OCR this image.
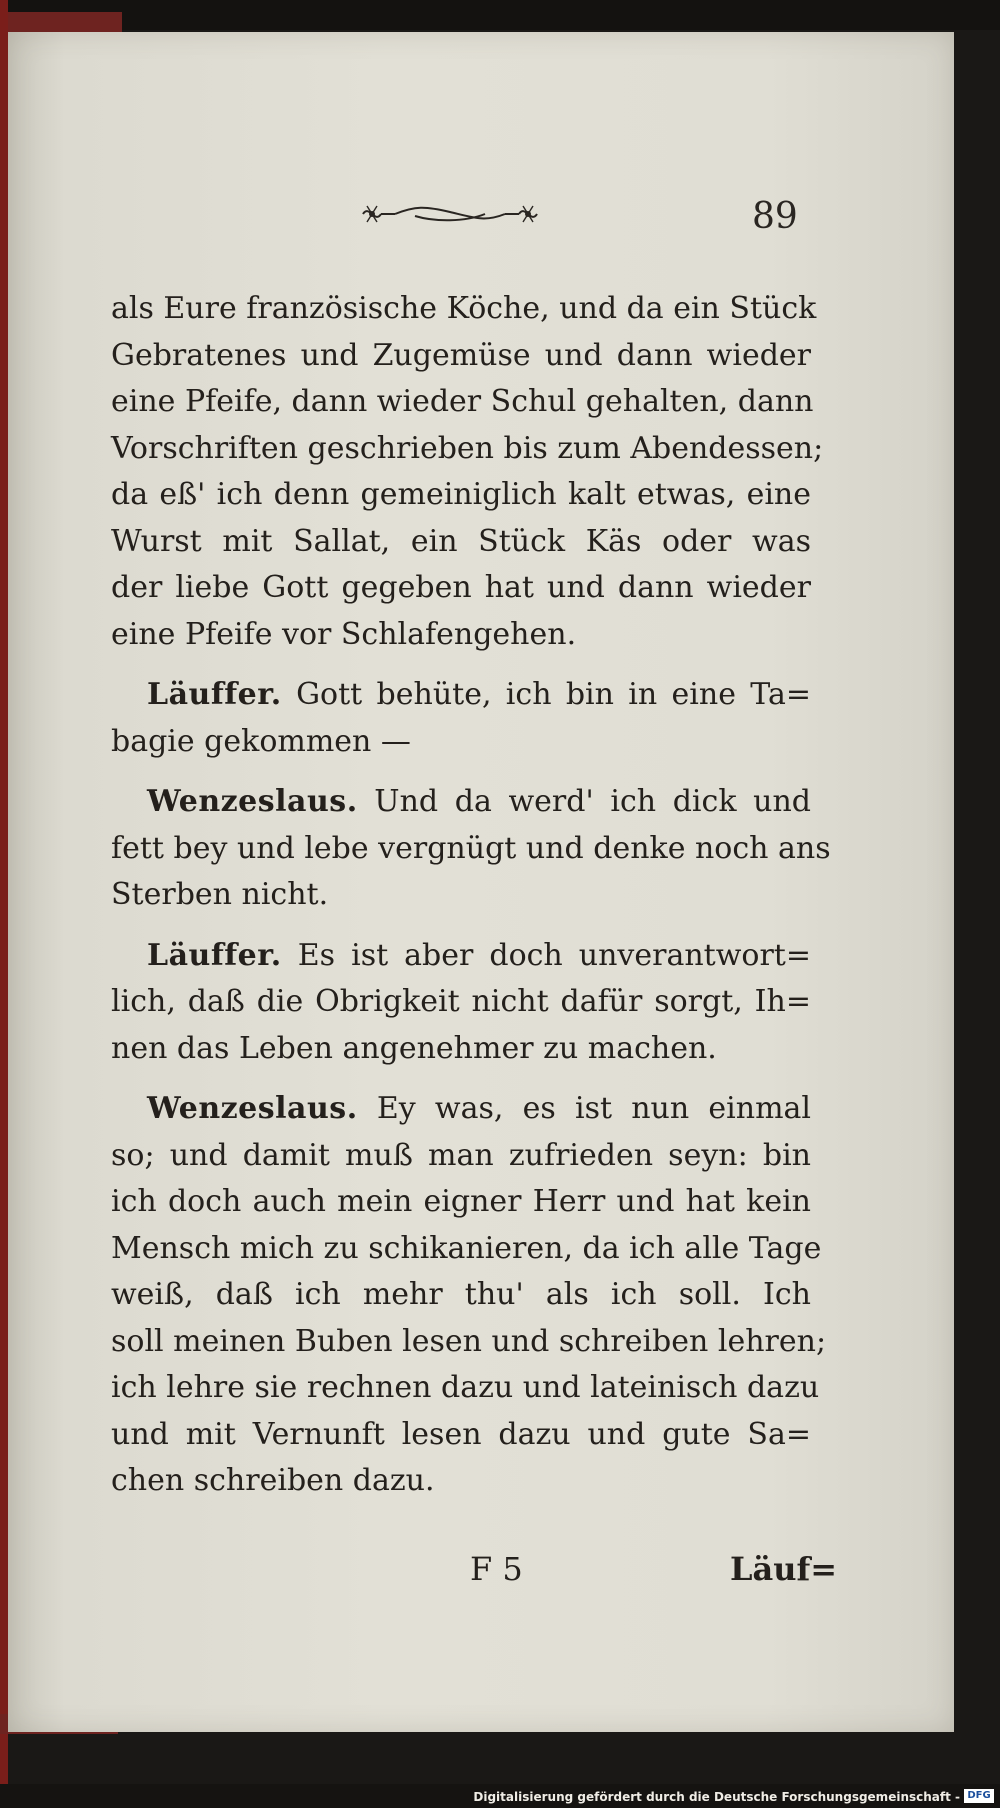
89
als Eure französische Köche, und da ein Stück
Gebratenes und Zugemüse und dann wieder
eine Pfeife, dann wieder Schul gehalten, dann
Vorschriften geschrieben bis zum Abendessen;
da eß' ich denn gemeiniglich kalt etwas, eine
Wurst mit Sallat, ein Stück Käs oder was
der liebe Gott gegeben hat und dann wieder
eine Pfeife vor Schlafengehen.
Läuffer. Gott behüte, ich bin in eine Ta=
bagie gekommen —
Wenzeslaus. Und da werd' ich dick und
fett bey und lebe vergnügt und denke noch ans
Sterben nicht.
Läuffer. Es ist aber doch unverantwort=
lich, daß die Obrigkeit nicht dafür sorgt, Ih=
nen das Leben angenehmer zu machen.
Wenzeslaus. Ey was, es ist nun einmal
so; und damit muß man zufrieden seyn: bin
ich doch auch mein eigner Herr und hat kein
Mensch mich zu schikanieren, da ich alle Tage
weiß, daß ich mehr thu' als ich soll. Ich
soll meinen Buben lesen und schreiben lehren;
ich lehre sie rechnen dazu und lateinisch dazu
und mit Vernunft lesen dazu und gute Sa=
chen schreiben dazu.
F 5	Läuf=
Digitalisierung gefördert durch die Deutsche Forschungsgemeinschaft - DFG
